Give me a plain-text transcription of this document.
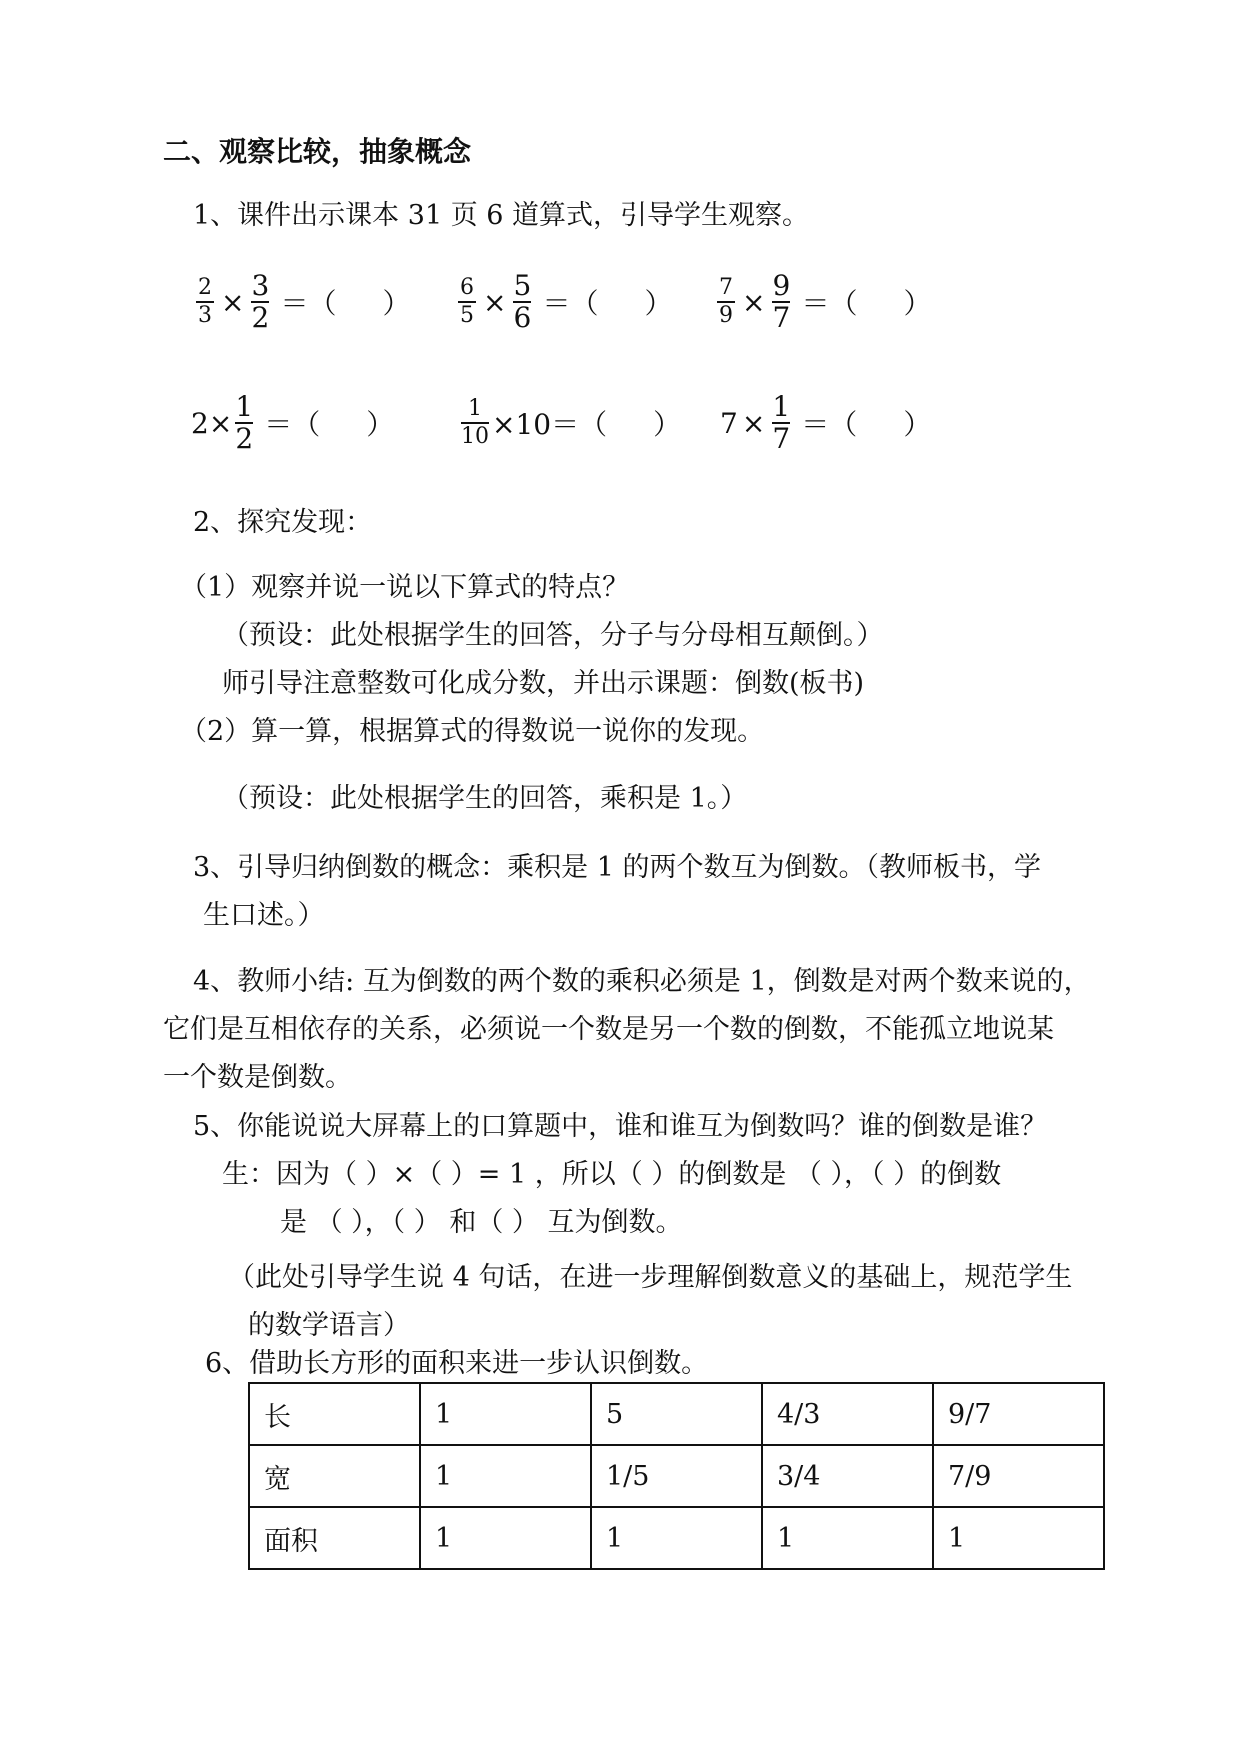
二、观察比较，抽象概念
1、课件出示课本 31 页 6 道算式，引导学生观察。
$\frac{2}{3} \times \frac{3}{2}$ ＝（ ） $\frac{6}{5} \times \frac{5}{6}$ ＝（ ） $\frac{7}{9} \times \frac{9}{7}$ ＝（ ）
$2\times \frac{1}{2}$ ＝（ ）	$\frac{1}{10} \times 10=$（ ） $7 \times \frac{1}{7}$ ＝（ ）
2、探究发现：
（1）观察并说一说以下算式的特点？
（预设：此处根据学生的回答，分子与分母相互颠倒。）
师引导注意整数可化成分数，并出示课题：倒数(板书)
（2）算一算，根据算式的得数说一说你的发现。
（预设：此处根据学生的回答，乘积是 1。）
3、引导归纳倒数的概念：乘积是 1 的两个数互为倒数。（教师板书，学
生口述。）
4、教师小结: 互为倒数的两个数的乘积必须是 1，倒数是对两个数来说的，
它们是互相依存的关系，必须说一个数是另一个数的倒数，不能孤立地说某
一个数是倒数。
5、你能说说大屏幕上的口算题中，谁和谁互为倒数吗？谁的倒数是谁？
生：因为（ ）×（ ）= 1 ，所以（ ）的倒数是 （ ），（ ）的倒数
是 （ ），（ ） 和（ ） 互为倒数。
（此处引导学生说 4 句话，在进一步理解倒数意义的基础上，规范学生
的数学语言）
6、借助长方形的面积来进一步认识倒数。
长	1	5	4/3	9/7
宽	1	1/5	3/4	7/9
面积	1	1	1	1
